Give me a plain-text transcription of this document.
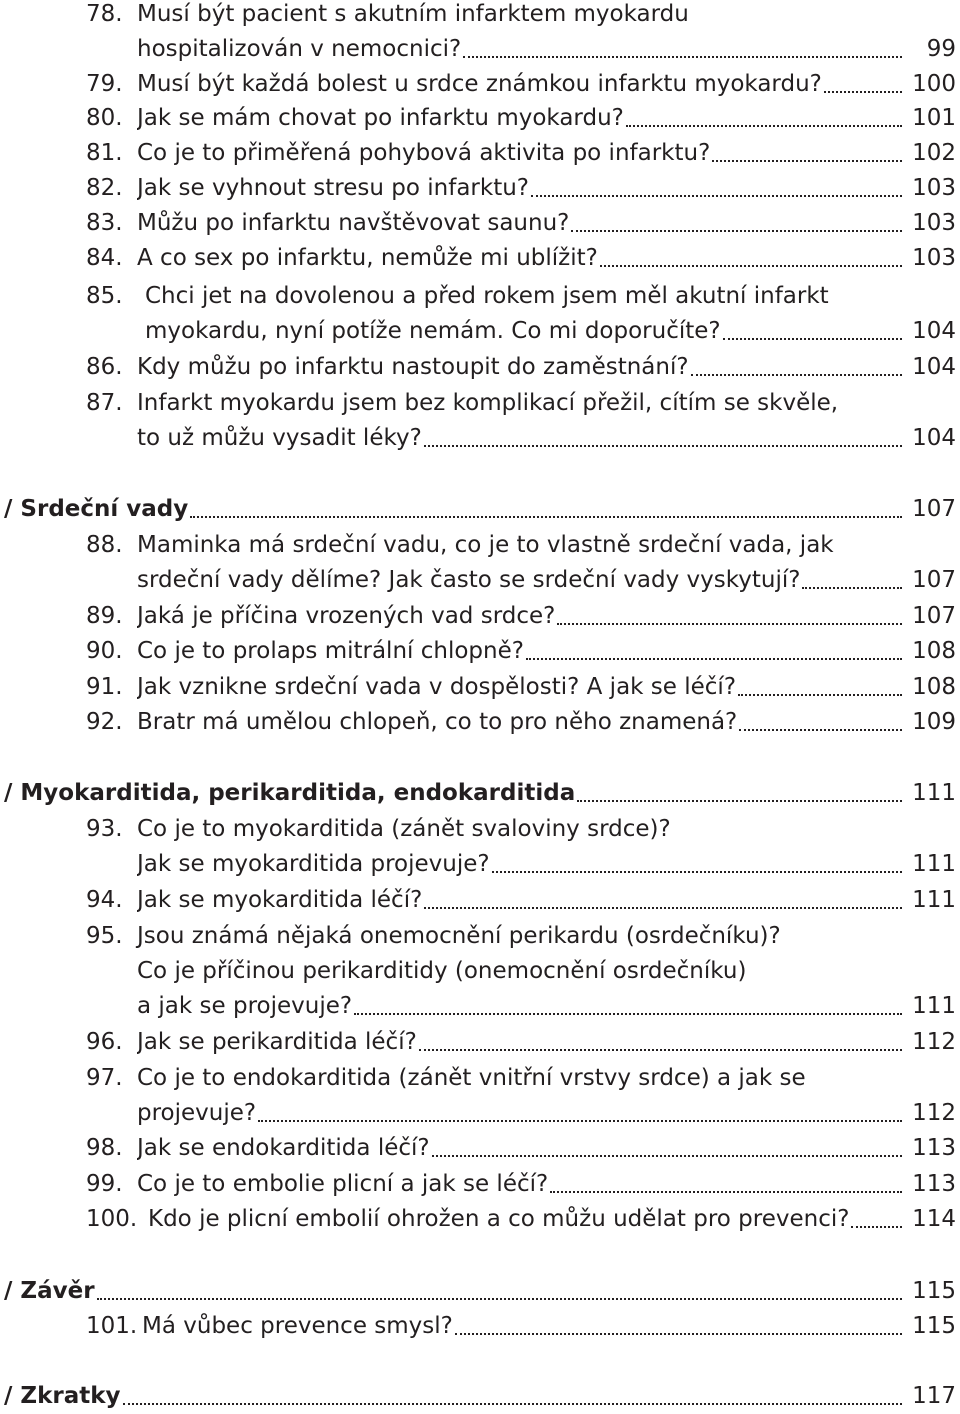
78. Musí být pacient s akutním infarktem myokardu
hospitalizován v nemocnici?	99
79. Musí být každá bolest u srdce známkou infarktu myokardu?	100
80. Jak se mám chovat po infarktu myokardu?	101
81. Co je to přiměřená pohybová aktivita po infarktu?	102
82. Jak se vyhnout stresu po infarktu?	103
83. Můžu po infarktu navštěvovat saunu?	103
84. A co sex po infarktu, nemůže mi ublížit?	103
85. Chci jet na dovolenou a před rokem jsem měl akutní infarkt
myokardu, nyní potíže nemám. Co mi doporučíte?	104
86. Kdy můžu po infarktu nastoupit do zaměstnání?	104
87. Infarkt myokardu jsem bez komplikací přežil, cítím se skvěle,
to už můžu vysadit léky?	104
/ Srdeční vady	107
88. Maminka má srdeční vadu, co je to vlastně srdeční vada, jak
srdeční vady dělíme? Jak často se srdeční vady vyskytují?	107
89. Jaká je příčina vrozených vad srdce?	107
90. Co je to prolaps mitrální chlopně?	108
91. Jak vznikne srdeční vada v dospělosti? A jak se léčí?	108
92. Bratr má umělou chlopeň, co to pro něho znamená?	109
/ Myokarditida, perikarditida, endokarditida	111
93. Co je to myokarditida (zánět svaloviny srdce)?
Jak se myokarditida projevuje?	111
94. Jak se myokarditida léčí?	111
95. Jsou známá nějaká onemocnění perikardu (osrdečníku)?
Co je příčinou perikarditidy (onemocnění osrdečníku)
a jak se projevuje?	111
96. Jak se perikarditida léčí?	112
97. Co je to endokarditida (zánět vnitřní vrstvy srdce) a jak se
projevuje?	112
98. Jak se endokarditida léčí?	113
99. Co je to embolie plicní a jak se léčí?	113
100. Kdo je plicní embolií ohrožen a co můžu udělat pro prevenci?	114
/ Závěr	115
101. Má vůbec prevence smysl?	115
/ Zkratky	117
